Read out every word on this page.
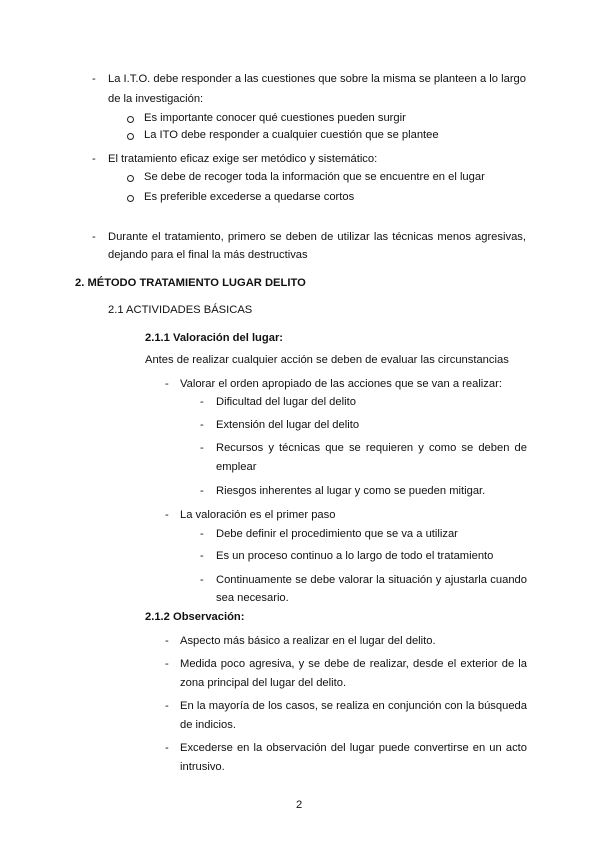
- La I.T.O. debe responder a las cuestiones que sobre la misma se planteen a lo largo
de la investigación:
Es importante conocer qué cuestiones pueden surgir
La ITO debe responder a cualquier cuestión que se plantee
- El tratamiento eficaz exige ser metódico y sistemático:
Se debe de recoger toda la información que se encuentre en el lugar
Es preferible excederse a quedarse cortos
- Durante el tratamiento, primero se deben de utilizar las técnicas menos agresivas,
dejando para el final la más destructivas
2. MÉTODO TRATAMIENTO LUGAR DELITO
2.1 ACTIVIDADES BÁSICAS
2.1.1 Valoración del lugar:
Antes de realizar cualquier acción se deben de evaluar las circunstancias
- Valorar el orden apropiado de las acciones que se van a realizar:
- Dificultad del lugar del delito
- Extensión del lugar del delito
- Recursos y técnicas que se requieren y como se deben de
emplear
- Riesgos inherentes al lugar y como se pueden mitigar.
- La valoración es el primer paso
- Debe definir el procedimiento que se va a utilizar
- Es un proceso continuo a lo largo de todo el tratamiento
- Continuamente se debe valorar la situación y ajustarla cuando
sea necesario.
2.1.2 Observación:
- Aspecto más básico a realizar en el lugar del delito.
- Medida poco agresiva, y se debe de realizar, desde el exterior de la
zona principal del lugar del delito.
- En la mayoría de los casos, se realiza en conjunción con la búsqueda
de indicios.
- Excederse en la observación del lugar puede convertirse en un acto
intrusivo.
2
